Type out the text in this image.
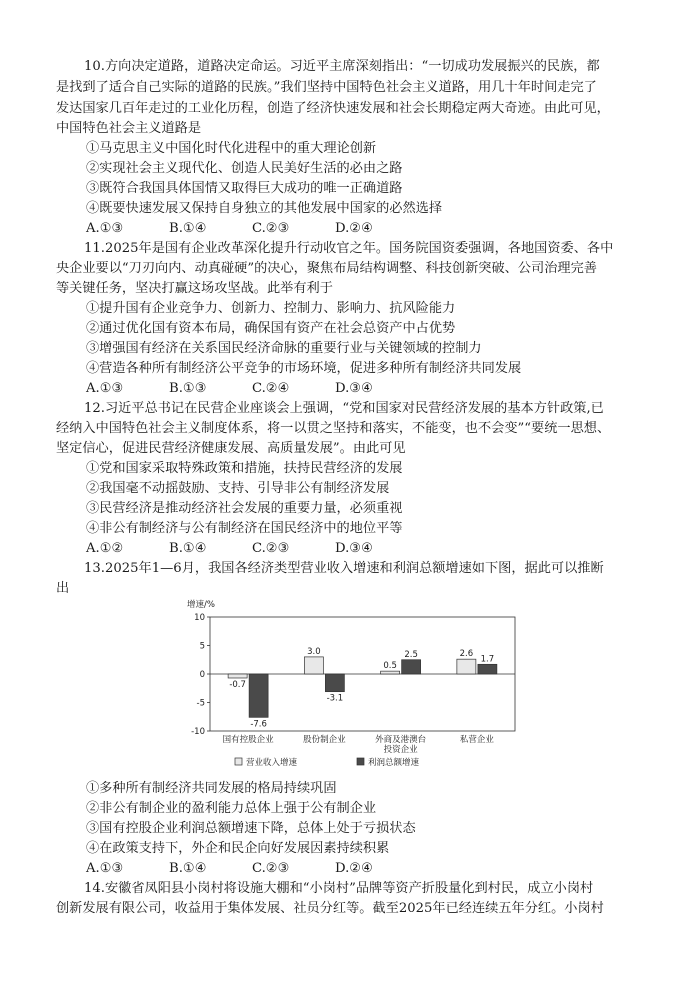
10.方向决定道路，道路决定命运。习近平主席深刻指出：“一切成功发展振兴的民族，都
是找到了适合自己实际的道路的民族。”我们坚持中国特色社会主义道路，用几十年时间走完了
发达国家几百年走过的工业化历程，创造了经济快速发展和社会长期稳定两大奇迹。由此可见，
中国特色社会主义道路是
①马克思主义中国化时代化进程中的重大理论创新
②实现社会主义现代化、创造人民美好生活的必由之路
③既符合我国具体国情又取得巨大成功的唯一正确道路
④既要快速发展又保持自身独立的其他发展中国家的必然选择
A.①③	B.①④	C.②③	D.②④
11.2025年是国有企业改革深化提升行动收官之年。国务院国资委强调，各地国资委、各中
央企业要以“刀刃向内、动真碰硬”的决心，聚焦布局结构调整、科技创新突破、公司治理完善
等关键任务，坚决打赢这场攻坚战。此举有利于
①提升国有企业竞争力、创新力、控制力、影响力、抗风险能力
②通过优化国有资本布局，确保国有资产在社会总资产中占优势
③增强国有经济在关系国民经济命脉的重要行业与关键领域的控制力
④营造各种所有制经济公平竞争的市场环境，促进多种所有制经济共同发展
A.①③	B.①③	C.②④	D.③④
12.习近平总书记在民营企业座谈会上强调，“党和国家对民营经济发展的基本方针政策,已
经纳入中国特色社会主义制度体系，将一以贯之坚持和落实，不能变，也不会变”“要统一思想、
坚定信心，促进民营经济健康发展、高质量发展”。由此可见
①党和国家采取特殊政策和措施，扶持民营经济的发展
②我国毫不动摇鼓励、支持、引导非公有制经济发展
③民营经济是推动经济社会发展的重要力量，必须重视
④非公有制经济与公有制经济在国民经济中的地位平等
A.①②	B.①④	C.②③	D.③④
13.2025年1—6月，我国各经济类型营业收入增速和利润总额增速如下图，据此可以推断
出
增速/%
-10
-5
0
5
10
-0.7
-7.6
3.0
-3.1
0.5
2.5	2.6
1.7
国有控股企业	股份制企业	外商及港澳台
投资企业
私营企业
营业收入增速	利润总额增速
①多种所有制经济共同发展的格局持续巩固
②非公有制企业的盈利能力总体上强于公有制企业
③国有控股企业利润总额增速下降，总体上处于亏损状态
④在政策支持下，外企和民企向好发展因素持续积累
A.①③	B.①④	C.②③	D.②④
14.安徽省凤阳县小岗村将设施大棚和“小岗村”品牌等资产折股量化到村民，成立小岗村
创新发展有限公司，收益用于集体发展、社员分红等。截至2025年已经连续五年分红。小岗村
